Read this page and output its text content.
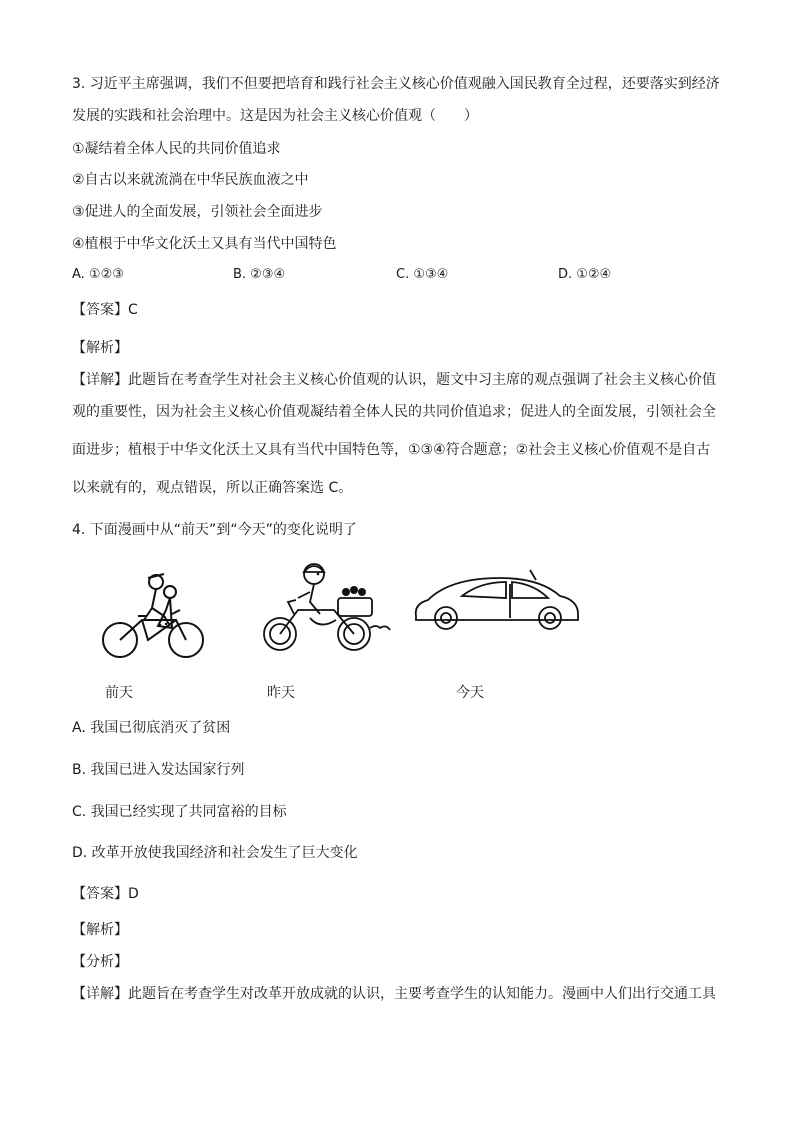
3. 习近平主席强调，我们不但要把培育和践行社会主义核心价值观融入国民教育全过程，还要落实到经济
发展的实践和社会治理中。这是因为社会主义核心价值观（　　）
①凝结着全体人民的共同价值追求
②自古以来就流淌在中华民族血液之中
③促进人的全面发展，引领社会全面进步
④植根于中华文化沃土又具有当代中国特色
A. ①②③	B. ②③④	C. ①③④	D. ①②④
【答案】C
【解析】
【详解】此题旨在考查学生对社会主义核心价值观的认识，题文中习主席的观点强调了社会主义核心价值
观的重要性，因为社会主义核心价值观凝结着全体人民的共同价值追求；促进人的全面发展，引领社会全
面进步；植根于中华文化沃土又具有当代中国特色等，①③④符合题意；②社会主义核心价值观不是自古
以来就有的，观点错误，所以正确答案选 C。
4. 下面漫画中从“前天”到“今天”的变化说明了
前天	昨天	今天
A. 我国已彻底消灭了贫困
B. 我国已进入发达国家行列
C. 我国已经实现了共同富裕的目标
D. 改革开放使我国经济和社会发生了巨大变化
【答案】D
【解析】
【分析】
【详解】此题旨在考查学生对改革开放成就的认识，主要考查学生的认知能力。漫画中人们出行交通工具
